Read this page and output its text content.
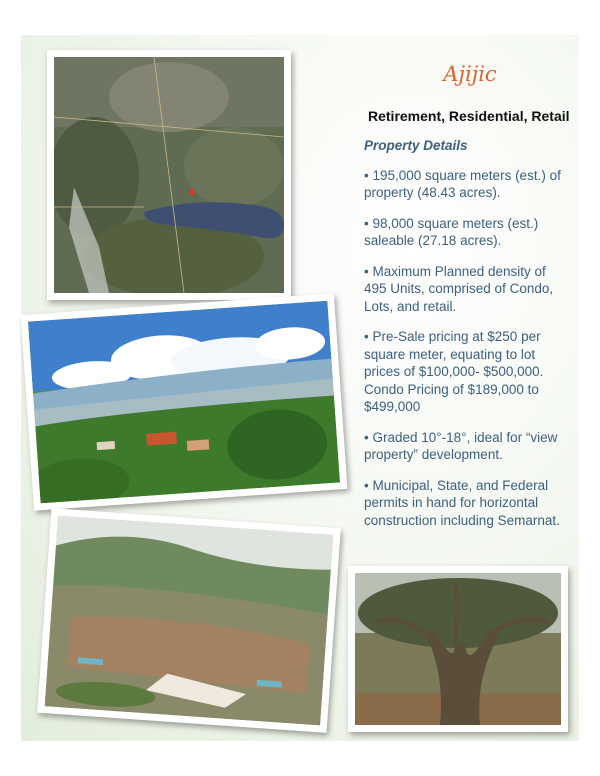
Ajijic
Retirement, Residential, Retail
Property Details

• 195,000 square meters (est.) of property (48.43 acres).

• 98,000 square meters (est.) saleable (27.18 acres).

• Maximum Planned density of 495 Units, comprised of Condo, Lots, and retail.

• Pre-Sale pricing at $250 per square meter, equating to lot prices of $100,000- $500,000. Condo Pricing of $189,000 to $499,000

• Graded 10°-18°, ideal for “view property” development.

• Municipal, State, and Federal permits in hand for horizontal construction including Semarnat.
